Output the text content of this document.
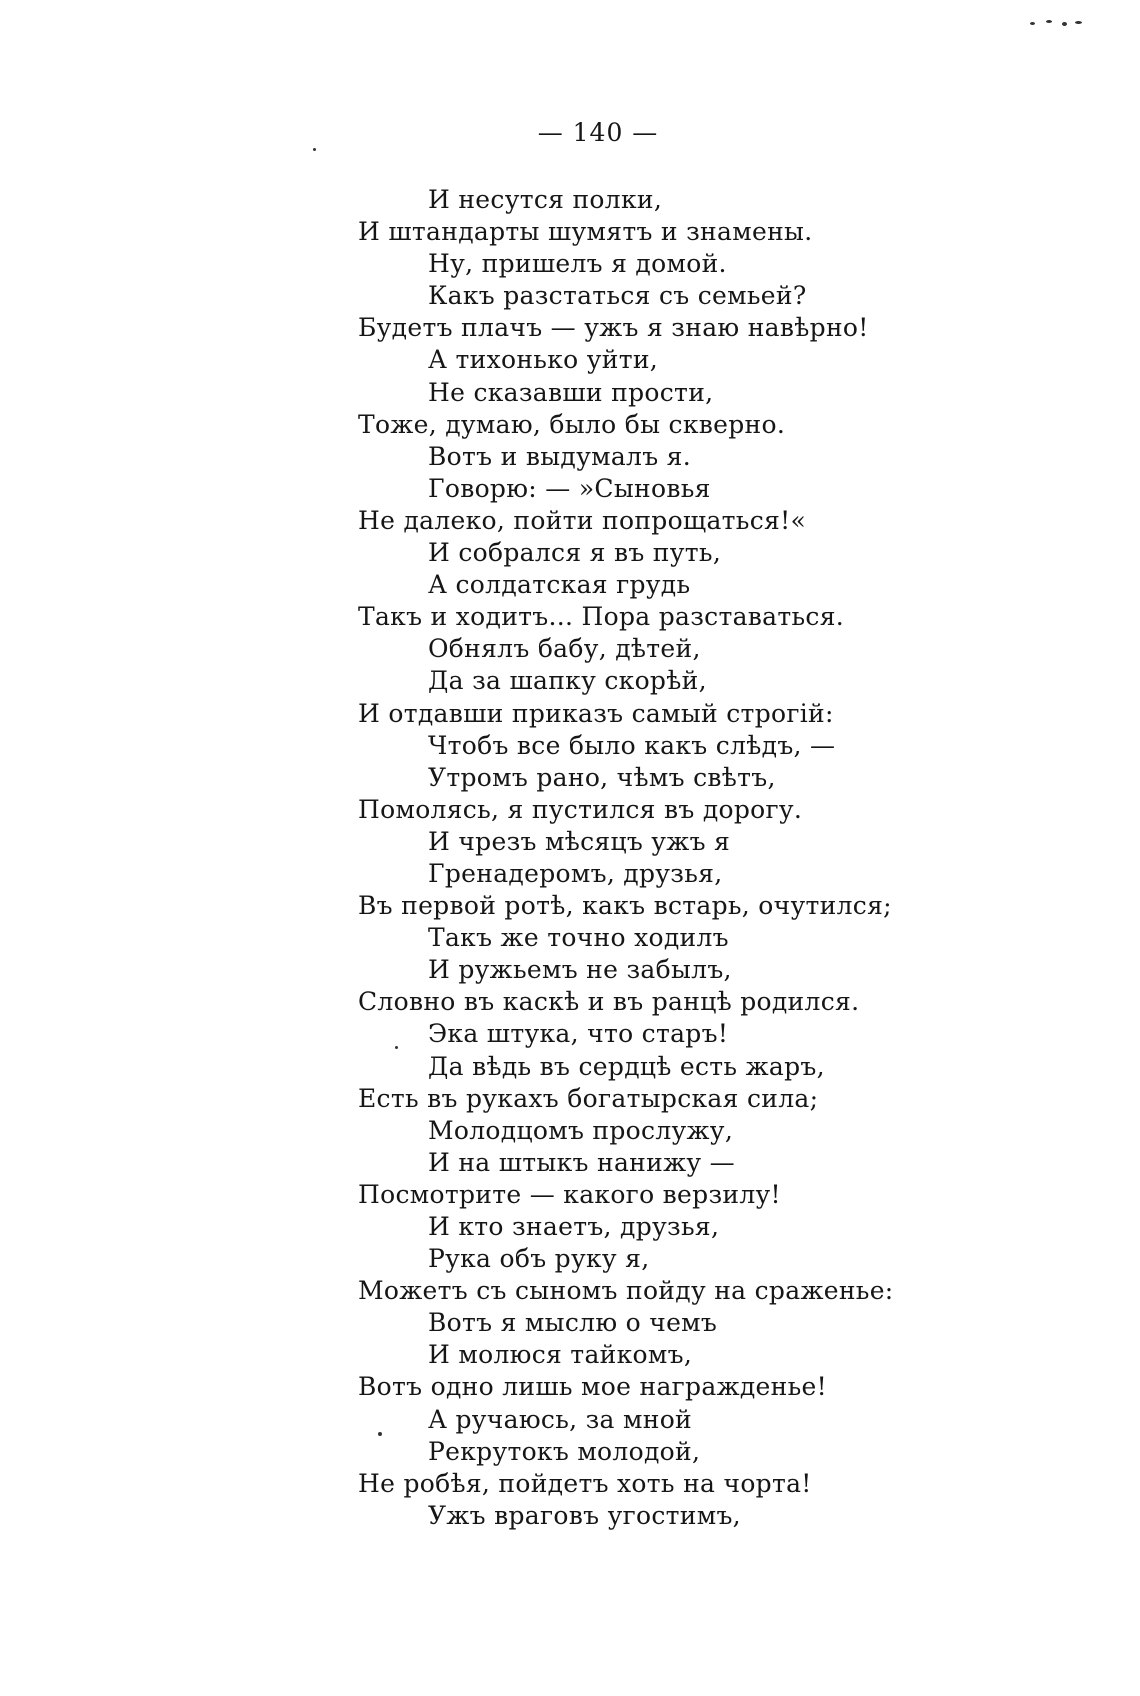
— 140 —
И несутся полки,
И штандарты шумятъ и знамены.
Ну, пришелъ я домой.
Какъ разстаться съ семьей?
Будетъ плачъ — ужъ я знаю навѣрно!
А тихонько уйти,
Не сказавши прости,
Тоже, думаю, было бы скверно.
Вотъ и выдумалъ я.
Говорю: — »Сыновья
Не далеко, пойти попрощаться!«
И собрался я въ путь,
А солдатская грудь
Такъ и ходитъ... Пора разставаться.
Обнялъ бабу, дѣтей,
Да за шапку скорѣй,
И отдавши приказъ самый строгій:
Чтобъ все было какъ слѣдъ, —
Утромъ рано, чѣмъ свѣтъ,
Помолясь, я пустился въ дорогу.
И чрезъ мѣсяцъ ужъ я
Гренадеромъ, друзья,
Въ первой ротѣ, какъ встарь, очутился;
Такъ же точно ходилъ
И ружьемъ не забылъ,
Словно въ каскѣ и въ ранцѣ родился.
Эка штука, что старъ!
Да вѣдь въ сердцѣ есть жаръ,
Есть въ рукахъ богатырская сила;
Молодцомъ прослужу,
И на штыкъ нанижу —
Посмотрите — какого верзилу!
И кто знаетъ, друзья,
Рука объ руку я,
Можетъ съ сыномъ пойду на сраженье:
Вотъ я мыслю о чемъ
И молюся тайкомъ,
Вотъ одно лишь мое награжденье!
А ручаюсь, за мной
Рекрутокъ молодой,
Не робѣя, пойдетъ хоть на чорта!
Ужъ враговъ угостимъ,
